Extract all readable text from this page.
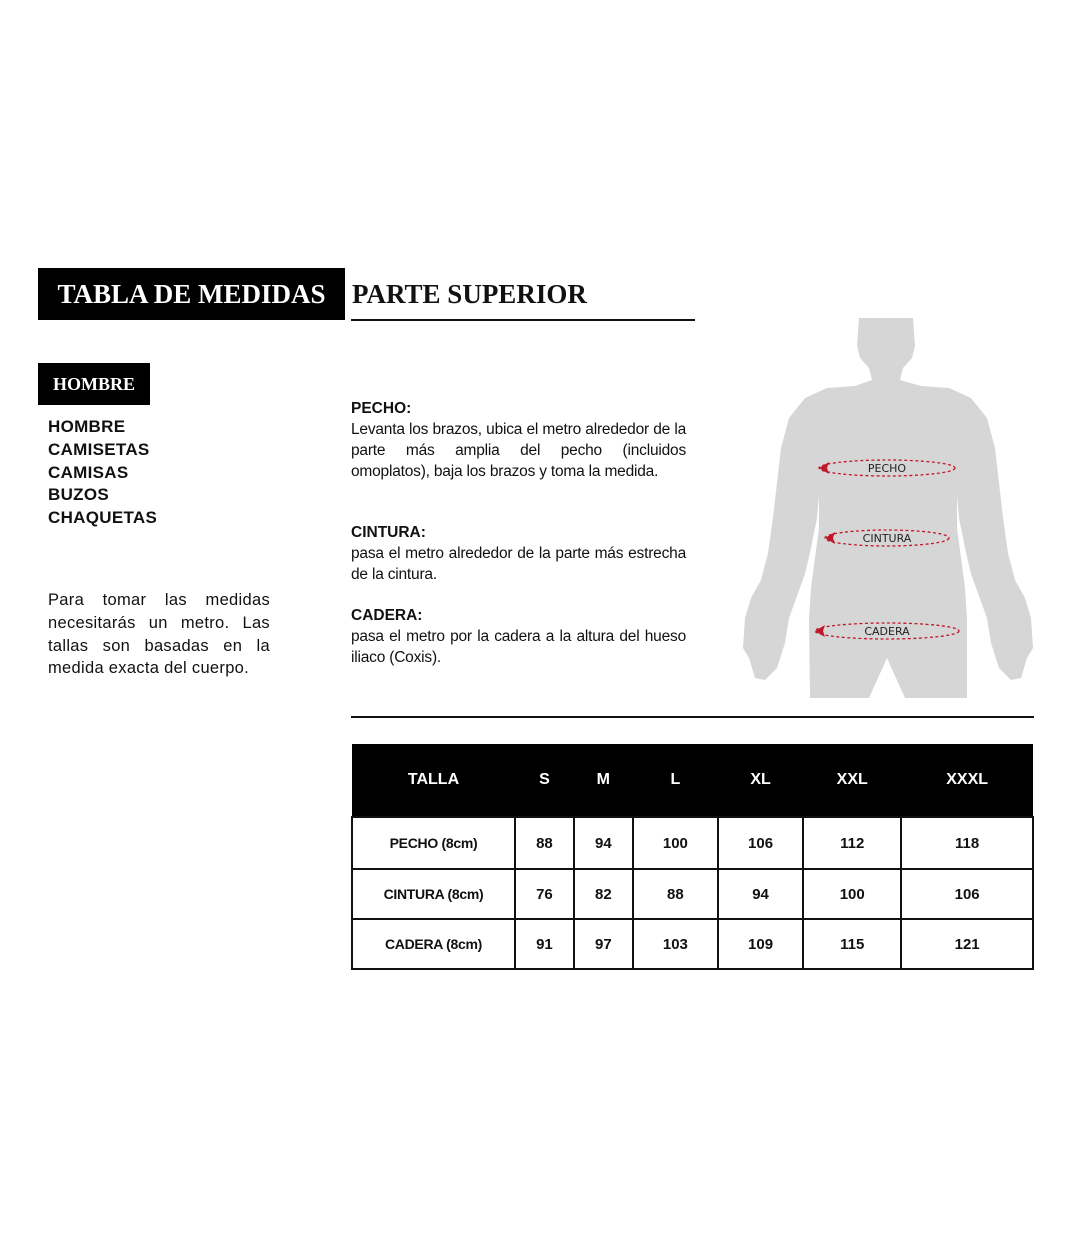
TABLA DE MEDIDAS PARTE SUPERIOR
HOMBRE
HOMBRE
CAMISETAS
CAMISAS
BUZOS
CHAQUETAS
Para tomar las medidas necesitarás un metro. Las tallas son basadas en la medida exacta del cuerpo.
PECHO:
Levanta los brazos, ubica el metro alrededor de la parte más amplia del pecho (incluidos omoplatos), baja los brazos y toma la medida.
CINTURA:
pasa el metro alrededor de la parte más estrecha de la cintura.
CADERA:
pasa el metro por la cadera a la altura del hueso iliaco (Coxis).
PECHO
CINTURA
CADERA
TALLA	S	M	L	XL	XXL	XXXL
PECHO (8cm)	88	94	100	106	112	118
CINTURA (8cm)	76	82	88	94	100	106
CADERA (8cm)	91	97	103	109	115	121
